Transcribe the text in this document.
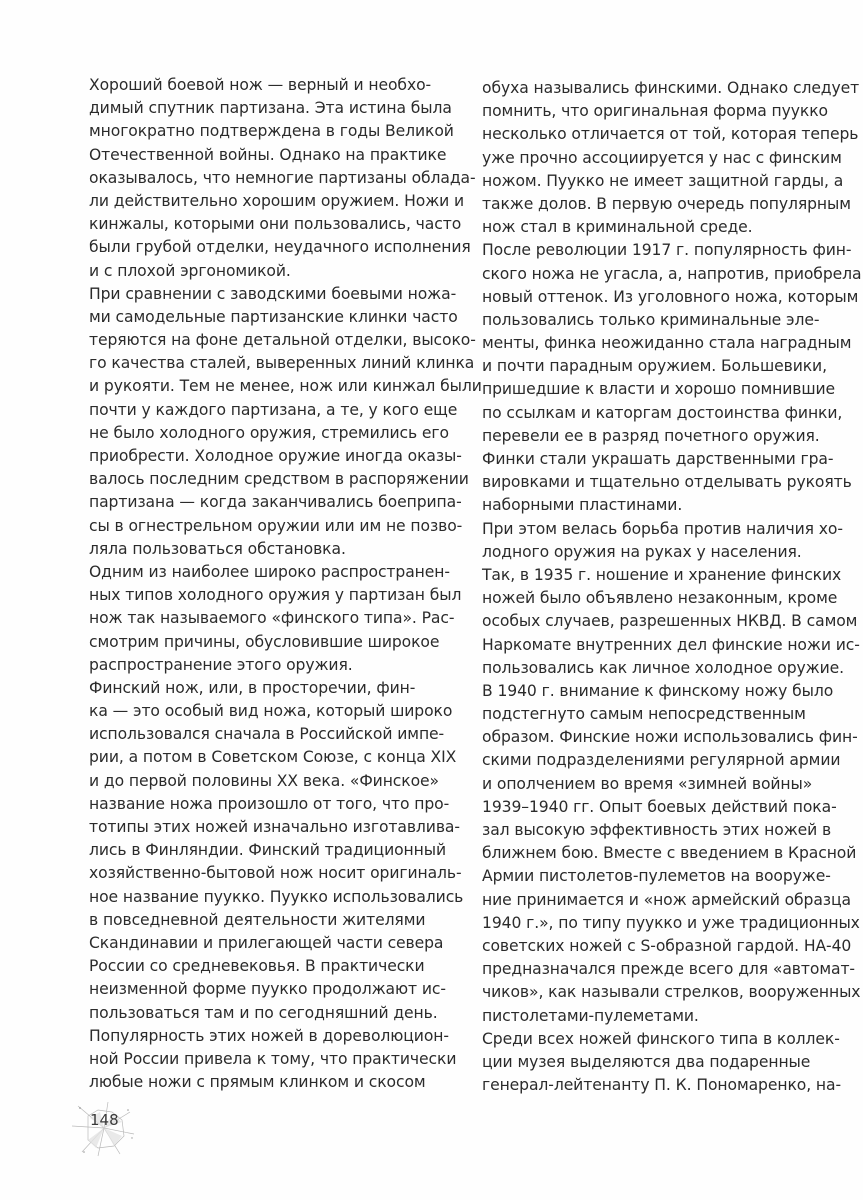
Хороший боевой нож — верный и необхо-
димый спутник партизана. Эта истина была
многократно подтверждена в годы Великой
Отечественной войны. Однако на практике
оказывалось, что немногие партизаны облада-
ли действительно хорошим оружием. Ножи и
кинжалы, которыми они пользовались, часто
были грубой отделки, неудачного исполнения
и с плохой эргономикой.
При сравнении с заводскими боевыми ножа-
ми самодельные партизанские клинки часто
теряются на фоне детальной отделки, высоко-
го качества сталей, выверенных линий клинка
и рукояти. Тем не менее, нож или кинжал были
почти у каждого партизана, а те, у кого еще
не было холодного оружия, стремились его
приобрести. Холодное оружие иногда оказы-
валось последним средством в распоряжении
партизана — когда заканчивались боеприпа-
сы в огнестрельном оружии или им не позво-
ляла пользоваться обстановка.
Одним из наиболее широко распространен-
ных типов холодного оружия у партизан был
нож так называемого «финского типа». Рас-
смотрим причины, обусловившие широкое
распространение этого оружия.
Финский нож, или, в просторечии, фин-
ка — это особый вид ножа, который широко
использовался сначала в Российской импе-
рии, а потом в Советском Союзе, с конца XIX
и до первой половины XX века. «Финское»
название ножа произошло от того, что про-
тотипы этих ножей изначально изготавлива-
лись в Финляндии. Финский традиционный
хозяйственно-бытовой нож носит оригиналь-
ное название пуукко. Пуукко использовались
в повседневной деятельности жителями
Скандинавии и прилегающей части севера
России со средневековья. В практически
неизменной форме пуукко продолжают ис-
пользоваться там и по сегодняшний день.
Популярность этих ножей в дореволюцион-
ной России привела к тому, что практически
любые ножи с прямым клинком и скосом
обуха назывались финскими. Однако следует
помнить, что оригинальная форма пуукко
несколько отличается от той, которая теперь
уже прочно ассоциируется у нас с финским
ножом. Пуукко не имеет защитной гарды, а
также долов. В первую очередь популярным
нож стал в криминальной среде.
После революции 1917 г. популярность фин-
ского ножа не угасла, а, напротив, приобрела
новый оттенок. Из уголовного ножа, которым
пользовались только криминальные эле-
менты, финка неожиданно стала наградным
и почти парадным оружием. Большевики,
пришедшие к власти и хорошо помнившие
по ссылкам и каторгам достоинства финки,
перевели ее в разряд почетного оружия.
Финки стали украшать дарственными гра-
вировками и тщательно отделывать рукоять
наборными пластинами.
При этом велась борьба против наличия хо-
лодного оружия на руках у населения.
Так, в 1935 г. ношение и хранение финских
ножей было объявлено незаконным, кроме
особых случаев, разрешенных НКВД. В самом
Наркомате внутренних дел финские ножи ис-
пользовались как личное холодное оружие.
В 1940 г. внимание к финскому ножу было
подстегнуто самым непосредственным
образом. Финские ножи использовались фин-
скими подразделениями регулярной армии
и ополчением во время «зимней войны»
1939–1940 гг. Опыт боевых действий пока-
зал высокую эффективность этих ножей в
ближнем бою. Вместе с введением в Красной
Армии пистолетов-пулеметов на вооруже-
ние принимается и «нож армейский образца
1940 г.», по типу пуукко и уже традиционных
советских ножей с S-образной гардой. НА-40
предназначался прежде всего для «автомат-
чиков», как называли стрелков, вооруженных
пистолетами-пулеметами.
Среди всех ножей финского типа в коллек-
ции музея выделяются два подаренные
генерал-лейтенанту П. К. Пономаренко, на-
148
